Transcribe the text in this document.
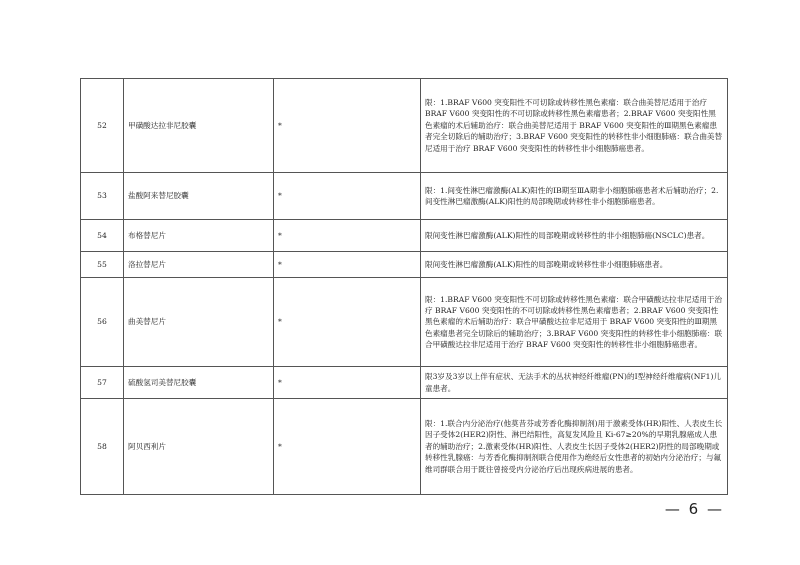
52	甲磺酸达拉非尼胶囊	*	限：1.BRAF V600 突变阳性不可切除或转移性黑色素瘤：联合曲美替尼适用于治疗 BRAF V600 突变阳性的不可切除或转移性黑色素瘤患者；2.BRAF V600 突变阳性黑色素瘤的术后辅助治疗：联合曲美替尼适用于 BRAF V600 突变阳性的Ⅲ期黑色素瘤患者完全切除后的辅助治疗；3.BRAF V600 突变阳性的转移性非小细胞肺癌：联合曲美替尼适用于治疗 BRAF V600 突变阳性的转移性非小细胞肺癌患者。
53	盐酸阿来替尼胶囊	*	限：1.间变性淋巴瘤激酶(ALK)阳性的ⅠB期至ⅢA期非小细胞肺癌患者术后辅助治疗；2.间变性淋巴瘤激酶(ALK)阳性的局部晚期或转移性非小细胞肺癌患者。
54	布格替尼片	*	限间变性淋巴瘤激酶(ALK)阳性的局部晚期或转移性的非小细胞肺癌(NSCLC)患者。
55	洛拉替尼片	*	限间变性淋巴瘤激酶(ALK)阳性的局部晚期或转移性非小细胞肺癌患者。
56	曲美替尼片	*	限：1.BRAF V600 突变阳性不可切除或转移性黑色素瘤：联合甲磺酸达拉非尼适用于治疗 BRAF V600 突变阳性的不可切除或转移性黑色素瘤患者；2.BRAF V600 突变阳性黑色素瘤的术后辅助治疗：联合甲磺酸达拉非尼适用于 BRAF V600 突变阳性的Ⅲ期黑色素瘤患者完全切除后的辅助治疗；3.BRAF V600 突变阳性的转移性非小细胞肺癌：联合甲磺酸达拉非尼适用于治疗 BRAF V600 突变阳性的转移性非小细胞肺癌患者。
57	硫酸氢司美替尼胶囊	*	限3岁及3岁以上伴有症状、无法手术的丛状神经纤维瘤(PN)的Ⅰ型神经纤维瘤病(NF1)儿童患者。
58	阿贝西利片	*	限：1.联合内分泌治疗(他莫昔芬或芳香化酶抑制剂)用于激素受体(HR)阳性、人表皮生长因子受体2(HER2)阴性、淋巴结阳性，高复发风险且 Ki-67≥20%的早期乳腺癌成人患者的辅助治疗；2.激素受体(HR)阳性、人表皮生长因子受体2(HER2)阴性的局部晚期或转移性乳腺癌：与芳香化酶抑制剂联合使用作为绝经后女性患者的初始内分泌治疗；与氟维司群联合用于既往曾接受内分泌治疗后出现疾病进展的患者。
— 6 —
